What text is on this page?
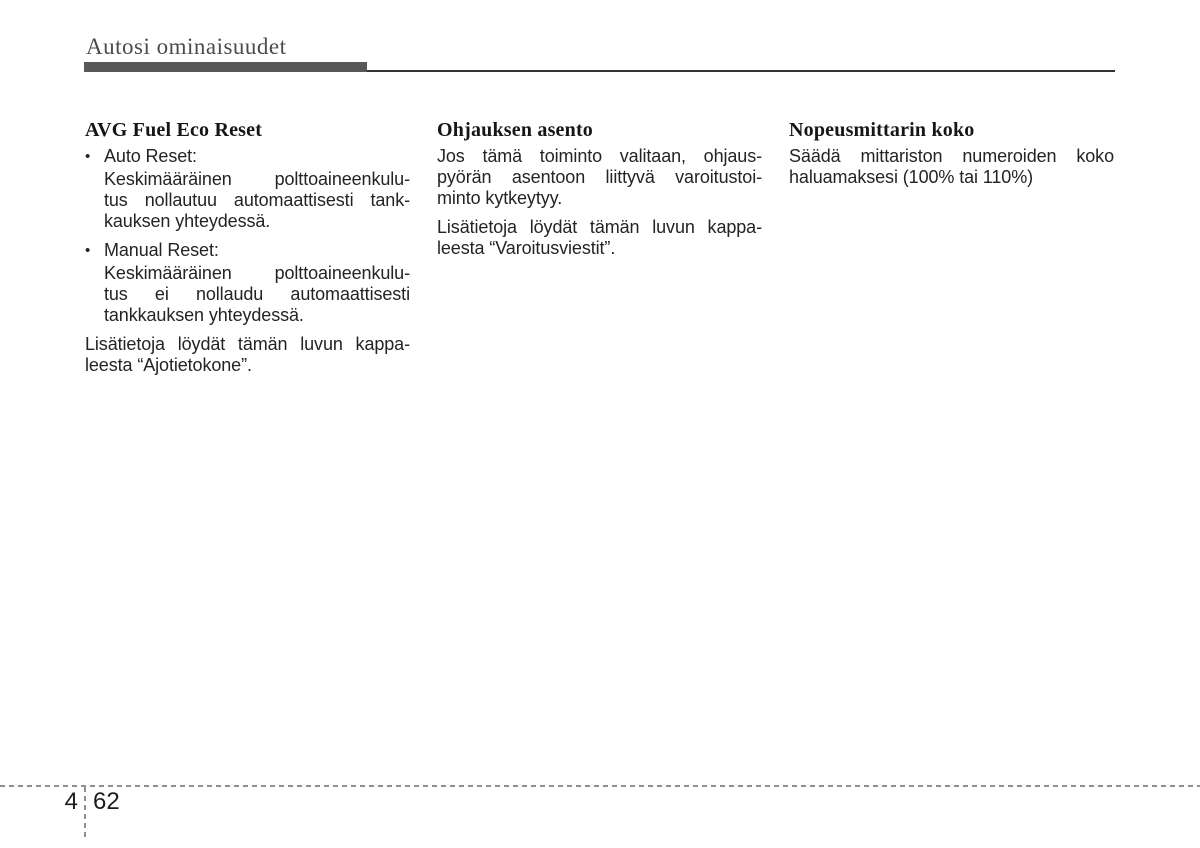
Autosi ominaisuudet
AVG Fuel Eco Reset
• Auto Reset:
Keskimääräinen polttoaineenkulu-
tus nollautuu automaattisesti tank-
kauksen yhteydessä.
• Manual Reset:
Keskimääräinen polttoaineenkulu-
tus ei nollaudu automaattisesti
tankkauksen yhteydessä.
Lisätietoja löydät tämän luvun kappa-
leesta “Ajotietokone”.
Ohjauksen asento
Jos tämä toiminto valitaan, ohjaus-
pyörän asentoon liittyvä varoitustoi-
minto kytkeytyy.
Lisätietoja löydät tämän luvun kappa-
leesta “Varoitusviestit”.
Nopeusmittarin koko
Säädä mittariston numeroiden koko
haluamaksesi (100% tai 110%)
4 62
